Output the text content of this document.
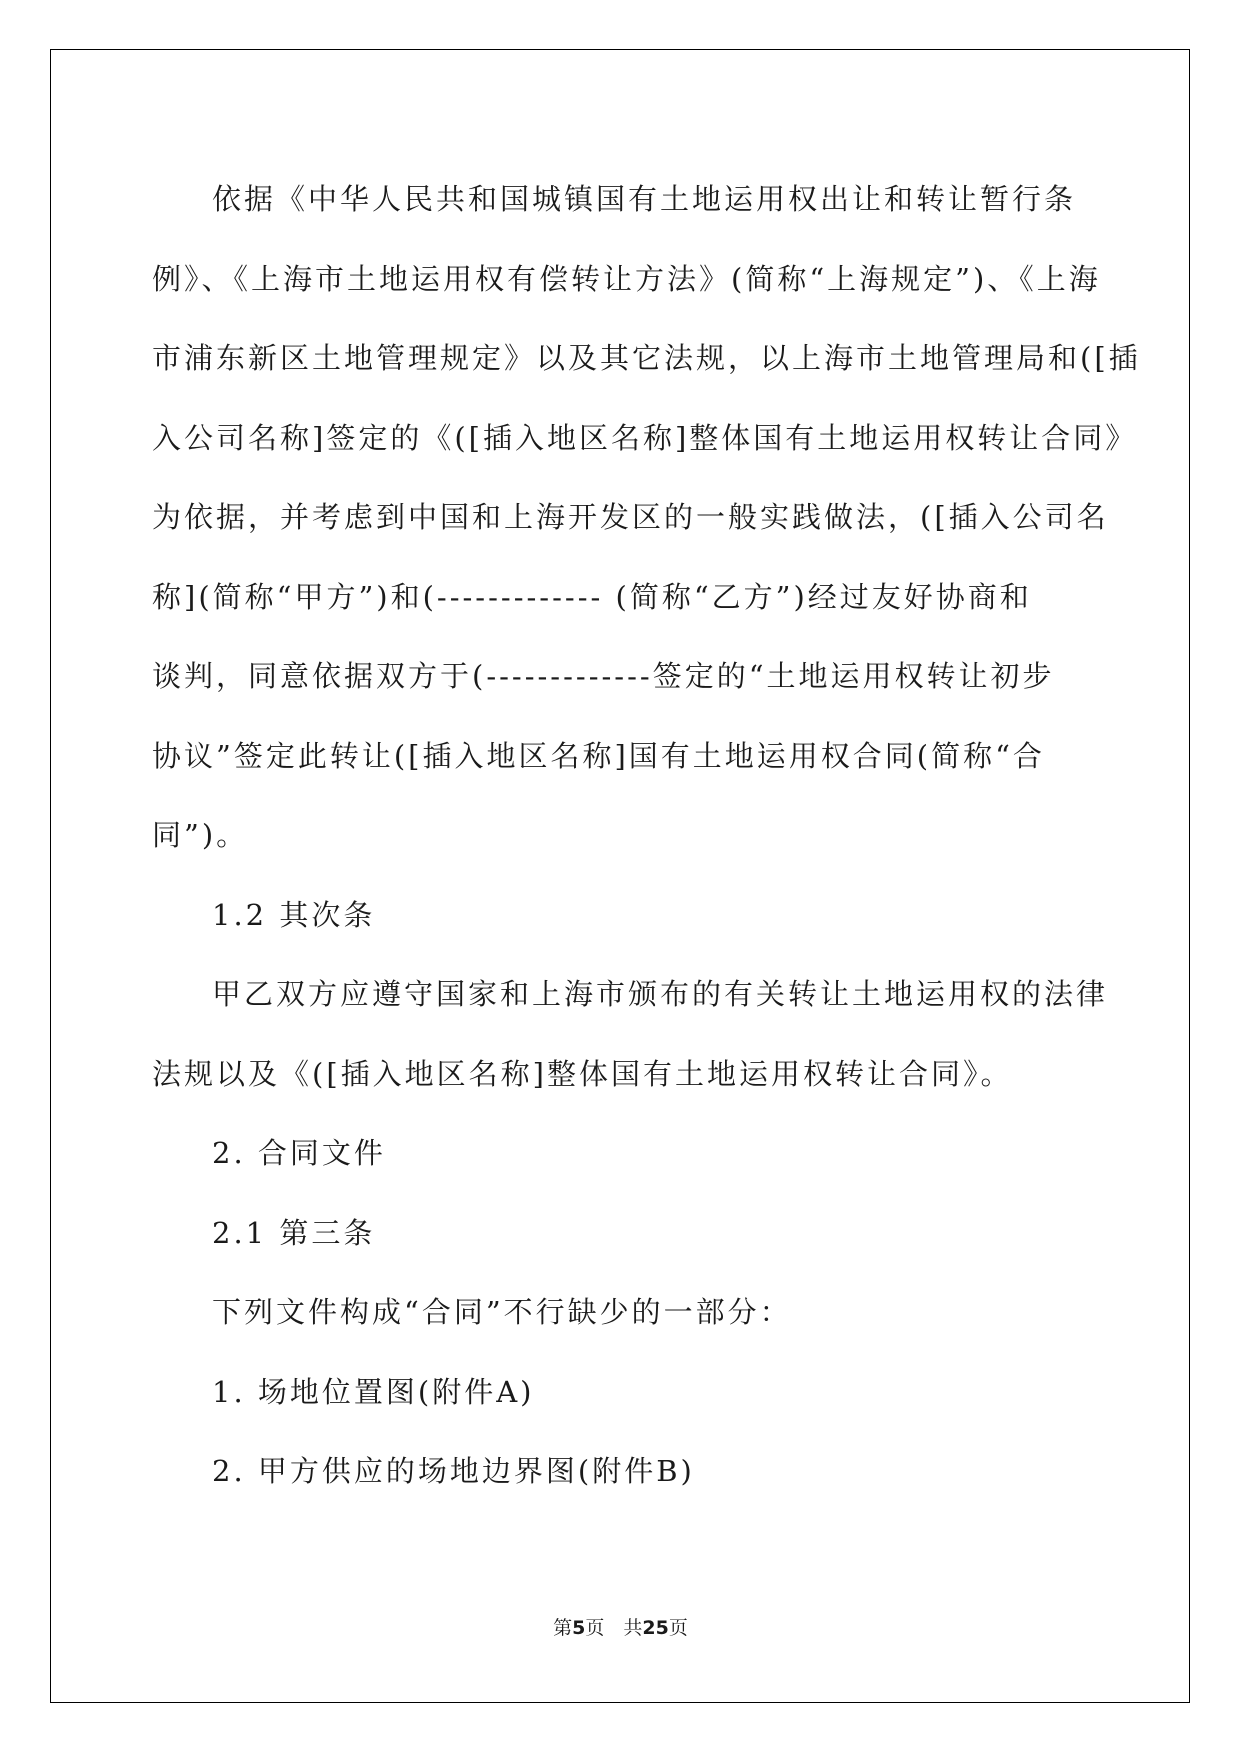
依据《中华人民共和国城镇国有土地运用权出让和转让暂行条
例》、《上海市土地运用权有偿转让方法》(简称“上海规定”)、《上海
市浦东新区土地管理规定》以及其它法规，以上海市土地管理局和([插
入公司名称]签定的《([插入地区名称]整体国有土地运用权转让合同》
为依据，并考虑到中国和上海开发区的一般实践做法，([插入公司名
称](简称“甲方”)和(------------- (简称“乙方”)经过友好协商和
谈判，同意依据双方于(-------------签定的“土地运用权转让初步
协议”签定此转让([插入地区名称]国有土地运用权合同(简称“合
同”)。
1.2 其次条
甲乙双方应遵守国家和上海市颁布的有关转让土地运用权的法律
法规以及《([插入地区名称]整体国有土地运用权转让合同》。
2. 合同文件
2.1 第三条
下列文件构成“合同”不行缺少的一部分：
1. 场地位置图(附件A)
2. 甲方供应的场地边界图(附件B)
第5页　共25页
